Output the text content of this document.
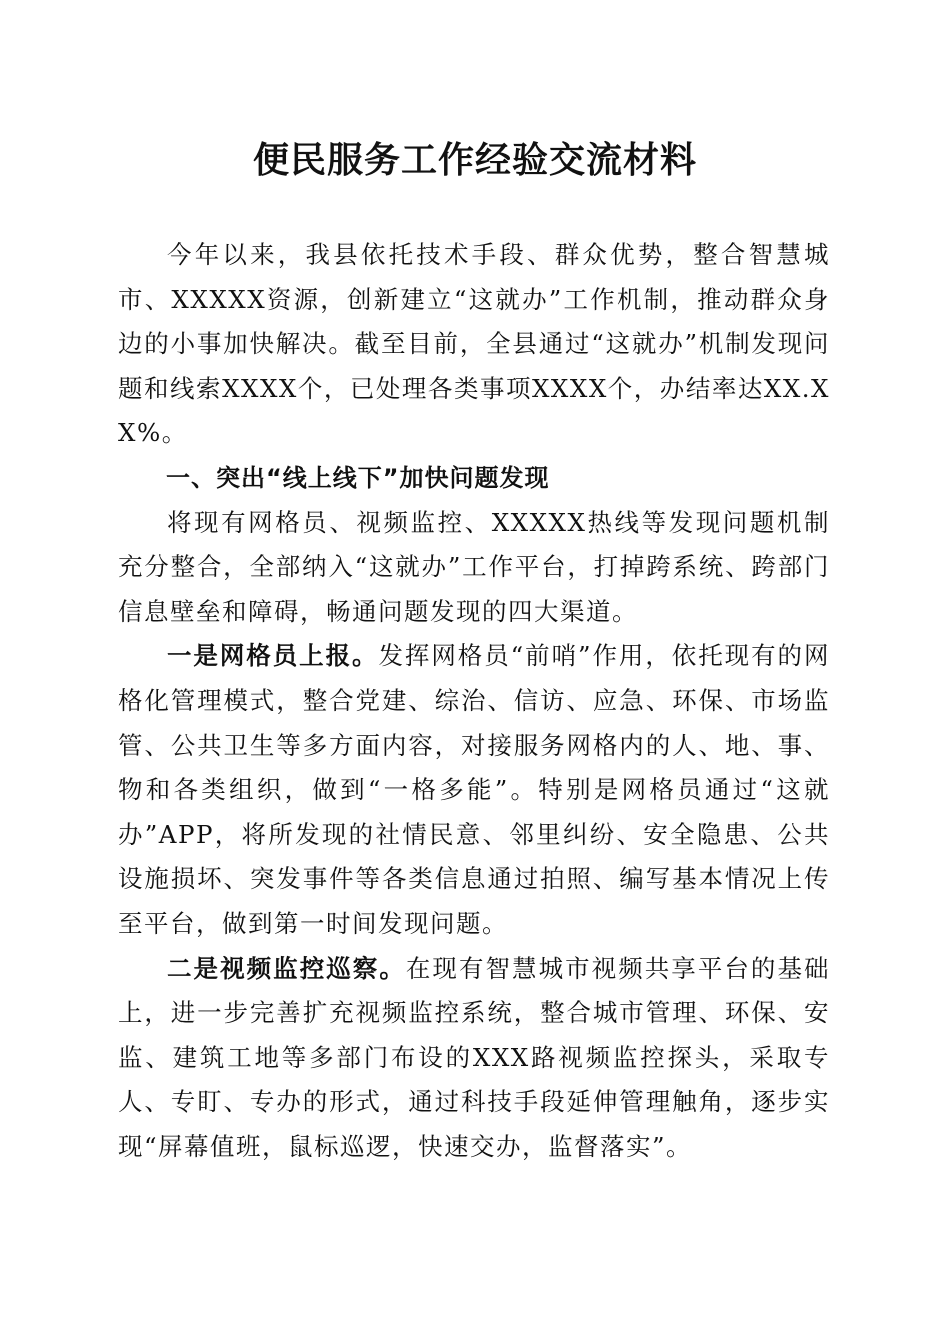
便民服务工作经验交流材料

今年以来，我县依托技术手段、群众优势，整合智慧城市、XXXXX资源，创新建立“这就办”工作机制，推动群众身边的小事加快解决。截至目前，全县通过“这就办”机制发现问题和线索XXXX个，已处理各类事项XXXX个，办结率达XX.XX%。

一、突出“线上线下”加快问题发现

将现有网格员、视频监控、XXXXX热线等发现问题机制充分整合，全部纳入“这就办”工作平台，打掉跨系统、跨部门信息壁垒和障碍，畅通问题发现的四大渠道。

一是网格员上报。发挥网格员“前哨”作用，依托现有的网格化管理模式，整合党建、综治、信访、应急、环保、市场监管、公共卫生等多方面内容，对接服务网格内的人、地、事、物和各类组织，做到“一格多能”。特别是网格员通过“这就办”APP，将所发现的社情民意、邻里纠纷、安全隐患、公共设施损坏、突发事件等各类信息通过拍照、编写基本情况上传至平台，做到第一时间发现问题。

二是视频监控巡察。在现有智慧城市视频共享平台的基础上，进一步完善扩充视频监控系统，整合城市管理、环保、安监、建筑工地等多部门布设的XXX路视频监控探头，采取专人、专盯、专办的形式，通过科技手段延伸管理触角，逐步实现“屏幕值班，鼠标巡逻，快速交办，监督落实”。
